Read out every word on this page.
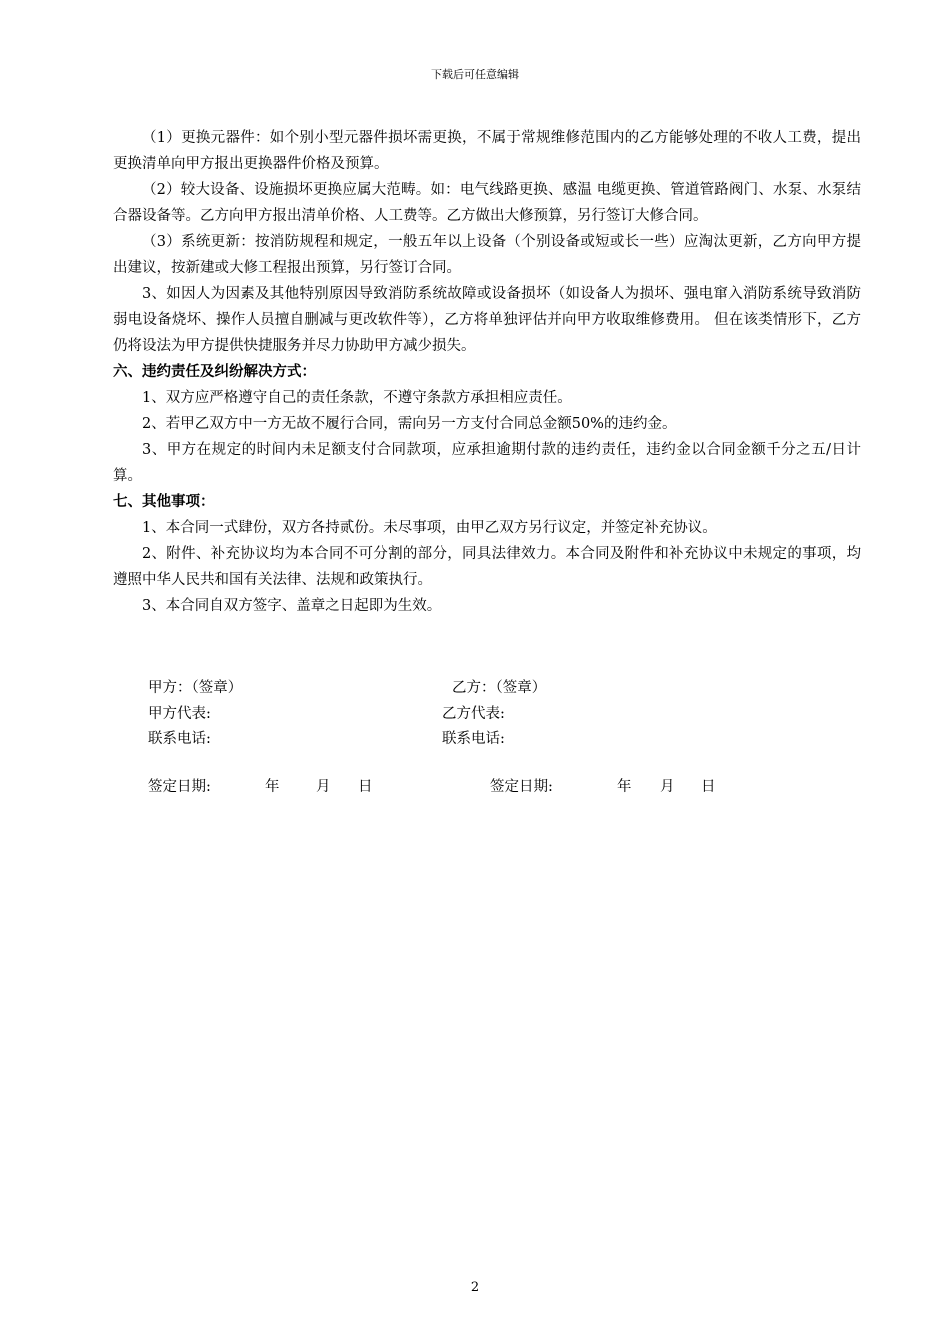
下载后可任意编辑

（1）更换元器件：如个别小型元器件损坏需更换，不属于常规维修范围内的乙方能够处理的不收人工费，提出更换清单向甲方报出更换器件价格及预算。

（2）较大设备、设施损坏更换应属大范畴。如：电气线路更换、感温 电缆更换、管道管路阀门、水泵、水泵结合器设备等。乙方向甲方报出清单价格、人工费等。乙方做出大修预算，另行签订大修合同。

（3）系统更新：按消防规程和规定，一般五年以上设备（个别设备或短或长一些）应淘汰更新，乙方向甲方提出建议，按新建或大修工程报出预算，另行签订合同。

3、如因人为因素及其他特别原因导致消防系统故障或设备损坏（如设备人为损坏、强电窜入消防系统导致消防弱电设备烧坏、操作人员擅自删减与更改软件等），乙方将单独评估并向甲方收取维修费用。 但在该类情形下，乙方仍将设法为甲方提供快捷服务并尽力协助甲方减少损失。

六、违约责任及纠纷解决方式：

1、双方应严格遵守自己的责任条款，不遵守条款方承担相应责任。

2、若甲乙双方中一方无故不履行合同，需向另一方支付合同总金额50%的违约金。

3、甲方在规定的时间内未足额支付合同款项，应承担逾期付款的违约责任，违约金以合同金额千分之五/日计算。

七、其他事项：

1、本合同一式肆份，双方各持贰份。未尽事项，由甲乙双方另行议定，并签定补充协议。

2、附件、补充协议均为本合同不可分割的部分，同具法律效力。本合同及附件和补充协议中未规定的事项，均遵照中华人民共和国有关法律、法规和政策执行。

3、本合同自双方签字、盖章之日起即为生效。

甲方：（签章）	乙方：（签章）
甲方代表:	乙方代表:
联系电话:	联系电话:
签定日期:	年	月 日	签定日期:	年 月 日
2
